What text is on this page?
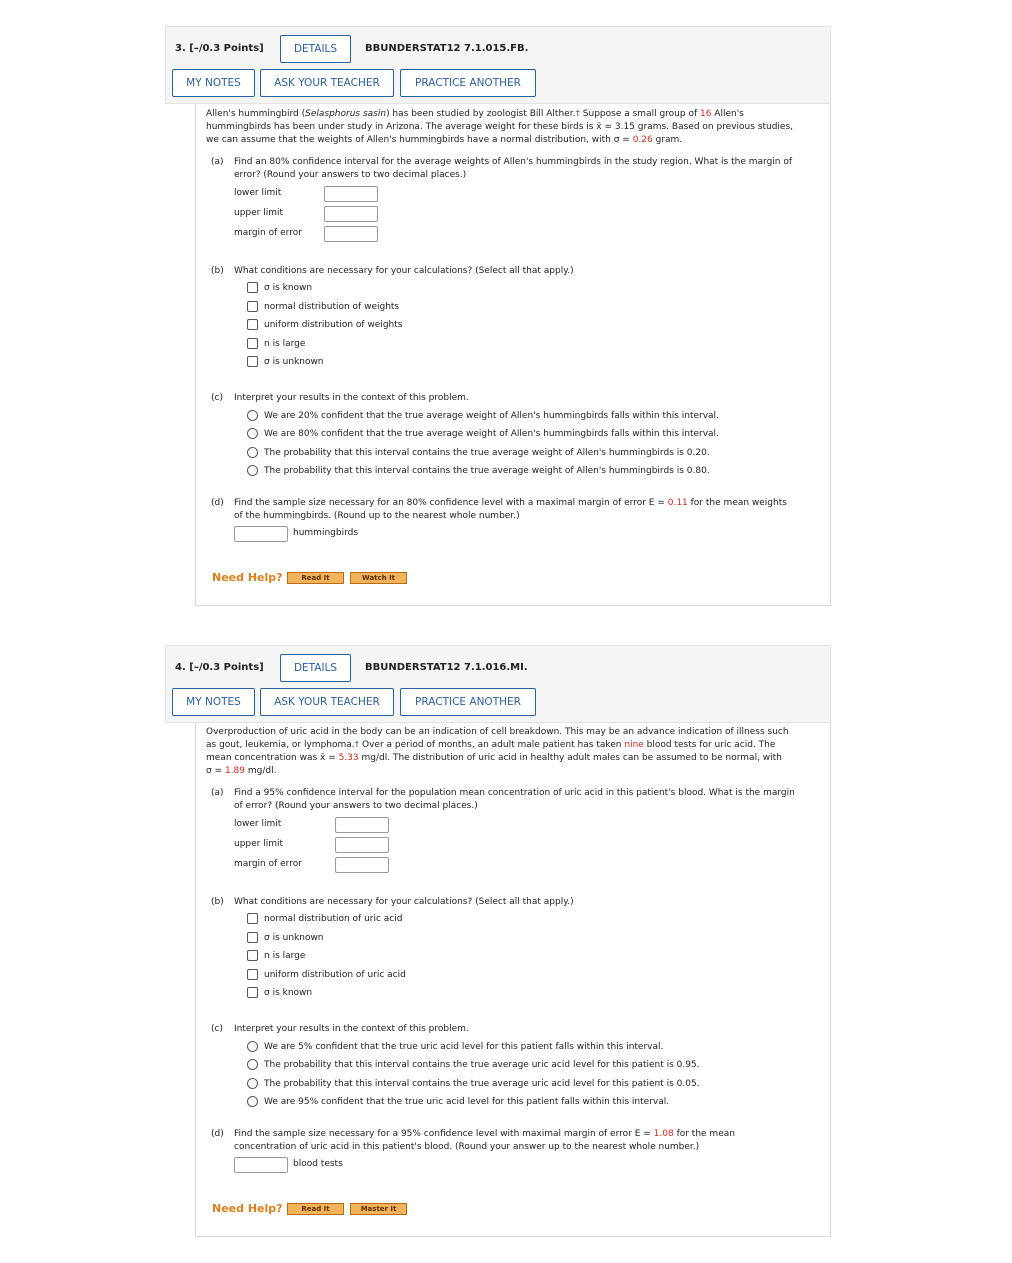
3. [–/0.3 Points]	DETAILS	BBUNDERSTAT12 7.1.015.FB.
MY NOTES	ASK YOUR TEACHER	PRACTICE ANOTHER
Allen's hummingbird (Selasphorus sasin) has been studied by zoologist Bill Alther.† Suppose a small group of 16 Allen's
hummingbirds has been under study in Arizona. The average weight for these birds is x̄ = 3.15 grams. Based on previous studies,
we can assume that the weights of Allen's hummingbirds have a normal distribution, with σ = 0.26 gram.
(a) Find an 80% confidence interval for the average weights of Allen's hummingbirds in the study region. What is the margin of
error? (Round your answers to two decimal places.)
lower limit
upper limit
margin of error
(b) What conditions are necessary for your calculations? (Select all that apply.)
σ is known
normal distribution of weights
uniform distribution of weights
n is large
σ is unknown
(c) Interpret your results in the context of this problem.
We are 20% confident that the true average weight of Allen's hummingbirds falls within this interval.
We are 80% confident that the true average weight of Allen's hummingbirds falls within this interval.
The probability that this interval contains the true average weight of Allen's hummingbirds is 0.20.
The probability that this interval contains the true average weight of Allen's hummingbirds is 0.80.
(d) Find the sample size necessary for an 80% confidence level with a maximal margin of error E = 0.11 for the mean weights
of the hummingbirds. (Round up to the nearest whole number.)
hummingbirds
Need Help?	Read It	Watch It
4. [–/0.3 Points]	DETAILS	BBUNDERSTAT12 7.1.016.MI.
MY NOTES	ASK YOUR TEACHER	PRACTICE ANOTHER
Overproduction of uric acid in the body can be an indication of cell breakdown. This may be an advance indication of illness such
as gout, leukemia, or lymphoma.† Over a period of months, an adult male patient has taken nine blood tests for uric acid. The
mean concentration was x̄ = 5.33 mg/dl. The distribution of uric acid in healthy adult males can be assumed to be normal, with
σ = 1.89 mg/dl.
(a) Find a 95% confidence interval for the population mean concentration of uric acid in this patient's blood. What is the margin
of error? (Round your answers to two decimal places.)
lower limit
upper limit
margin of error
(b) What conditions are necessary for your calculations? (Select all that apply.)
normal distribution of uric acid
σ is unknown
n is large
uniform distribution of uric acid
σ is known
(c) Interpret your results in the context of this problem.
We are 5% confident that the true uric acid level for this patient falls within this interval.
The probability that this interval contains the true average uric acid level for this patient is 0.95.
The probability that this interval contains the true average uric acid level for this patient is 0.05.
We are 95% confident that the true uric acid level for this patient falls within this interval.
(d) Find the sample size necessary for a 95% confidence level with maximal margin of error E = 1.08 for the mean
concentration of uric acid in this patient's blood. (Round your answer up to the nearest whole number.)
blood tests
Need Help?	Read It	Master It
